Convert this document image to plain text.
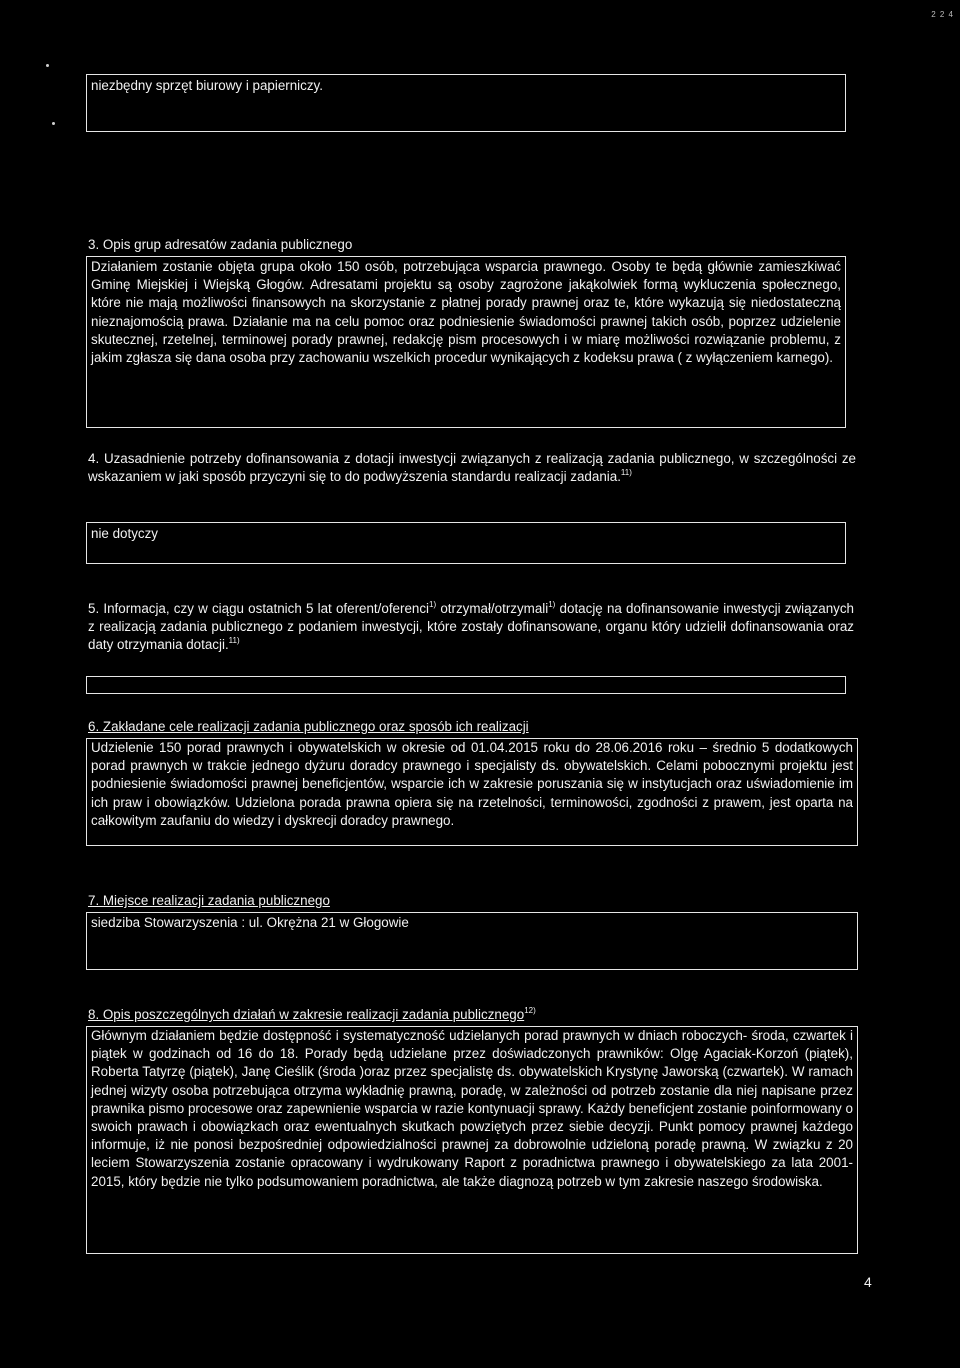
2 2 4
niezbędny sprzęt biurowy i papierniczy.
3. Opis grup adresatów zadania publicznego
Działaniem zostanie objęta grupa około 150 osób, potrzebująca wsparcia prawnego. Osoby te będą głównie zamieszkiwać Gminę Miejskiej i Wiejską Głogów. Adresatami projektu są osoby zagrożone jakąkolwiek formą wykluczenia społecznego, które nie mają możliwości finansowych na skorzystanie z płatnej porady prawnej oraz te, które wykazują się niedostateczną nieznajomością prawa. Działanie ma na celu pomoc oraz podniesienie świadomości prawnej takich osób, poprzez udzielenie skutecznej, rzetelnej, terminowej porady prawnej, redakcję pism procesowych i w miarę możliwości rozwiązanie problemu, z jakim zgłasza się dana osoba przy zachowaniu wszelkich procedur wynikających z kodeksu prawa ( z wyłączeniem karnego).
4. Uzasadnienie potrzeby dofinansowania z dotacji inwestycji związanych z realizacją zadania publicznego, w szczególności ze wskazaniem w jaki sposób przyczyni się to do podwyższenia standardu realizacji zadania.$^{11)}$
nie dotyczy
5. Informacja, czy w ciągu ostatnich 5 lat oferent/oferenci$^{1)}$ otrzymał/otrzymali$^{1)}$ dotację na dofinansowanie inwestycji związanych z realizacją zadania publicznego z podaniem inwestycji, które zostały dofinansowane, organu który udzielił dofinansowania oraz daty otrzymania dotacji.$^{11)}$
6. Zakładane cele realizacji zadania publicznego oraz sposób ich realizacji
Udzielenie 150 porad prawnych i obywatelskich w okresie od 01.04.2015 roku do 28.06.2016 roku – średnio 5 dodatkowych porad prawnych w trakcie jednego dyżuru doradcy prawnego i specjalisty ds. obywatelskich. Celami pobocznymi projektu jest podniesienie świadomości prawnej beneficjentów, wsparcie ich w zakresie poruszania się w instytucjach oraz uświadomienie im ich praw i obowiązków. Udzielona porada prawna opiera się na rzetelności, terminowości, zgodności z prawem, jest oparta na całkowitym zaufaniu do wiedzy i dyskrecji doradcy prawnego.
7. Miejsce realizacji zadania publicznego
siedziba Stowarzyszenia : ul. Okrężna 21 w Głogowie
8. Opis poszczególnych działań w zakresie realizacji zadania publicznego$^{12)}$
Głównym działaniem będzie dostępność i systematyczność udzielanych porad prawnych w dniach roboczych- środa, czwartek i piątek w godzinach od 16 do 18. Porady będą udzielane przez doświadczonych prawników: Olgę Agaciak-Korzoń (piątek), Roberta Tatyrzę (piątek), Janę Cieślik (środa )oraz przez specjalistę ds. obywatelskich Krystynę Jaworską (czwartek). W ramach jednej wizyty osoba potrzebująca otrzyma wykładnię prawną, poradę, w zależności od potrzeb zostanie dla niej napisane przez prawnika pismo procesowe oraz zapewnienie wsparcia w razie kontynuacji sprawy. Każdy beneficjent zostanie poinformowany o swoich prawach i obowiązkach oraz ewentualnych skutkach powziętych przez siebie decyzji. Punkt pomocy prawnej każdego informuje, iż nie ponosi bezpośredniej odpowiedzialności prawnej za dobrowolnie udzieloną poradę prawną. W związku z 20 leciem Stowarzyszenia zostanie opracowany i wydrukowany Raport z poradnictwa prawnego i obywatelskiego za lata 2001-2015, który będzie nie tylko podsumowaniem poradnictwa, ale także diagnozą potrzeb w tym zakresie naszego środowiska.
4
